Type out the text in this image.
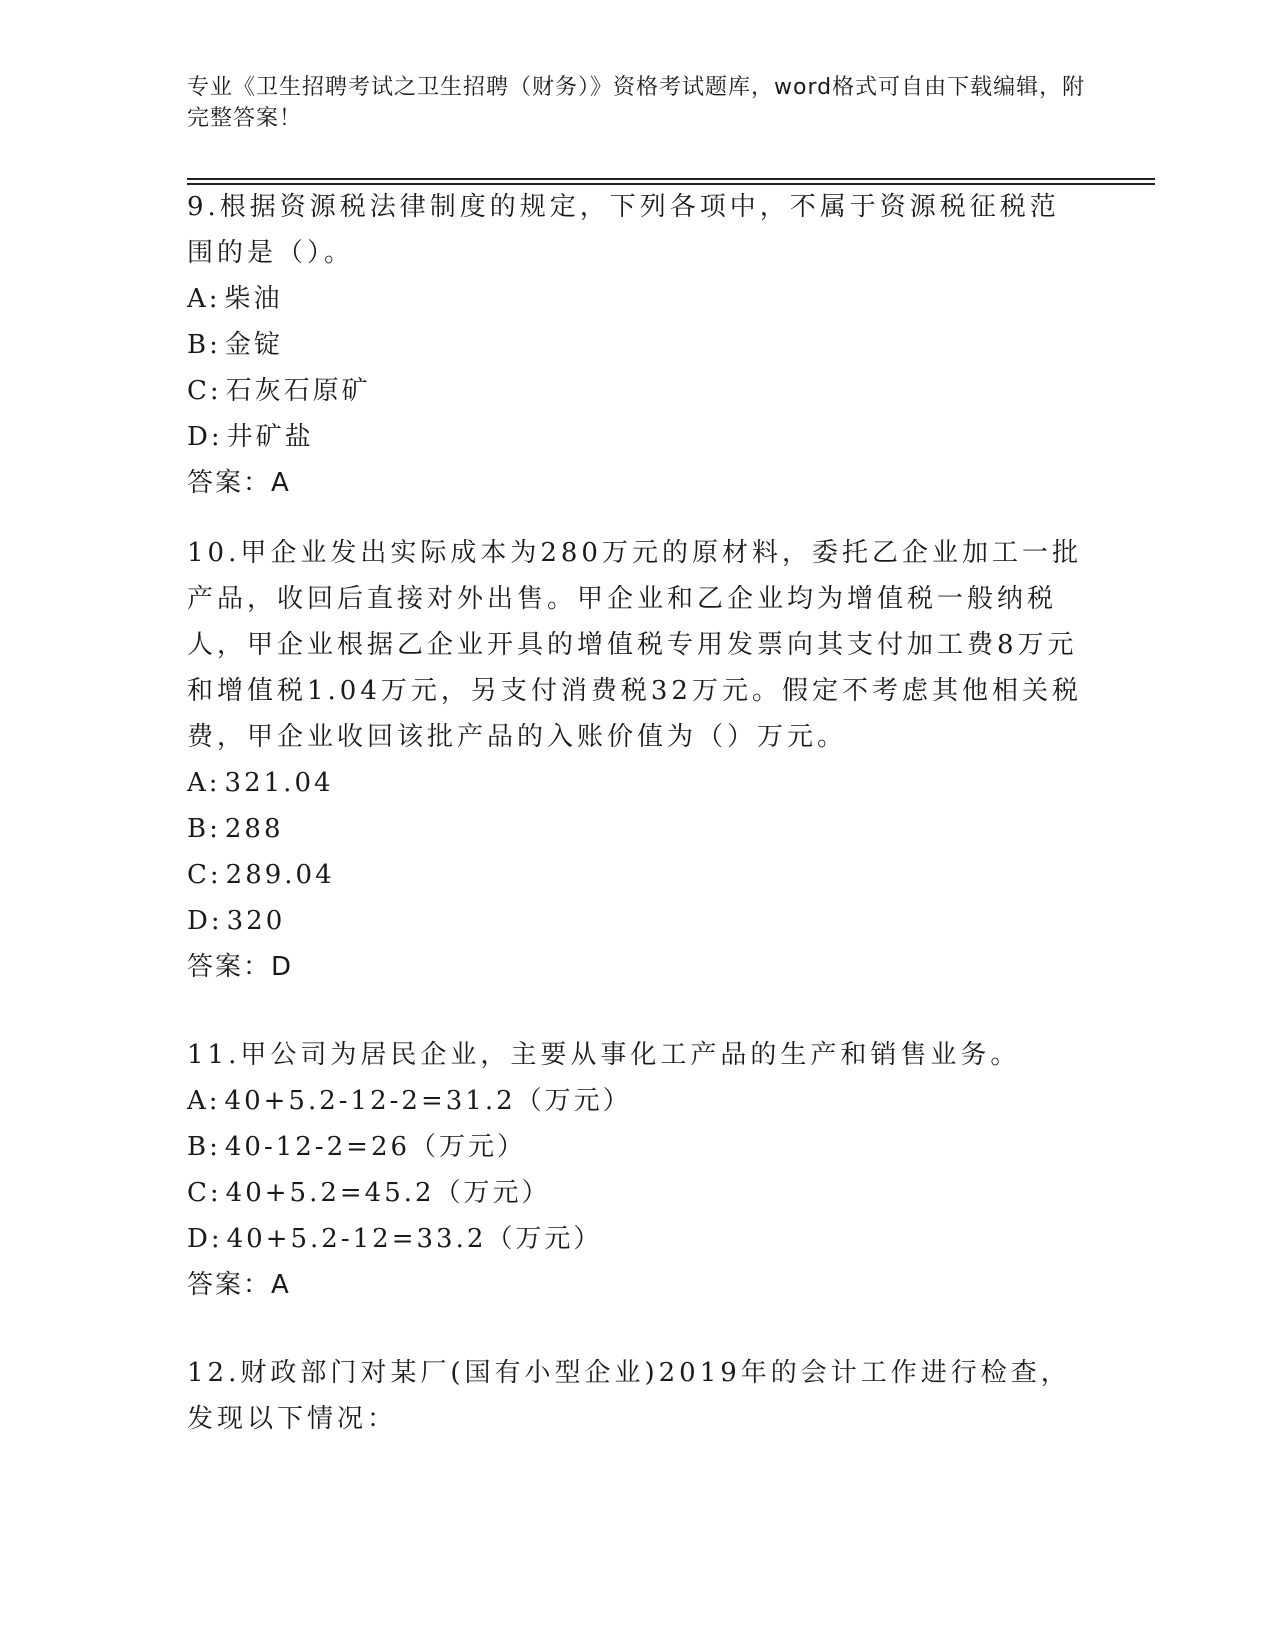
专业《卫生招聘考试之卫生招聘（财务）》资格考试题库，word格式可自由下载编辑，附完整答案！

9.根据资源税法律制度的规定，下列各项中，不属于资源税征税范围的是（）。

A: 柴油
B: 金锭
C: 石灰石原矿
D: 井矿盐
答案：A

10.甲企业发出实际成本为280万元的原材料，委托乙企业加工一批产品，收回后直接对外出售。甲企业和乙企业均为增值税一般纳税人，甲企业根据乙企业开具的增值税专用发票向其支付加工费8万元和增值税1.04万元，另支付消费税32万元。假定不考虑其他相关税费，甲企业收回该批产品的入账价值为（）万元。

A: 321.04
B: 288
C: 289.04
D: 320
答案：D

11.甲公司为居民企业，主要从事化工产品的生产和销售业务。

A: 40+5.2-12-2=31.2（万元）
B: 40-12-2=26（万元）
C: 40+5.2=45.2（万元）
D: 40+5.2-12=33.2（万元）
答案：A

12.财政部门对某厂(国有小型企业)2019年的会计工作进行检查，发现以下情况：
